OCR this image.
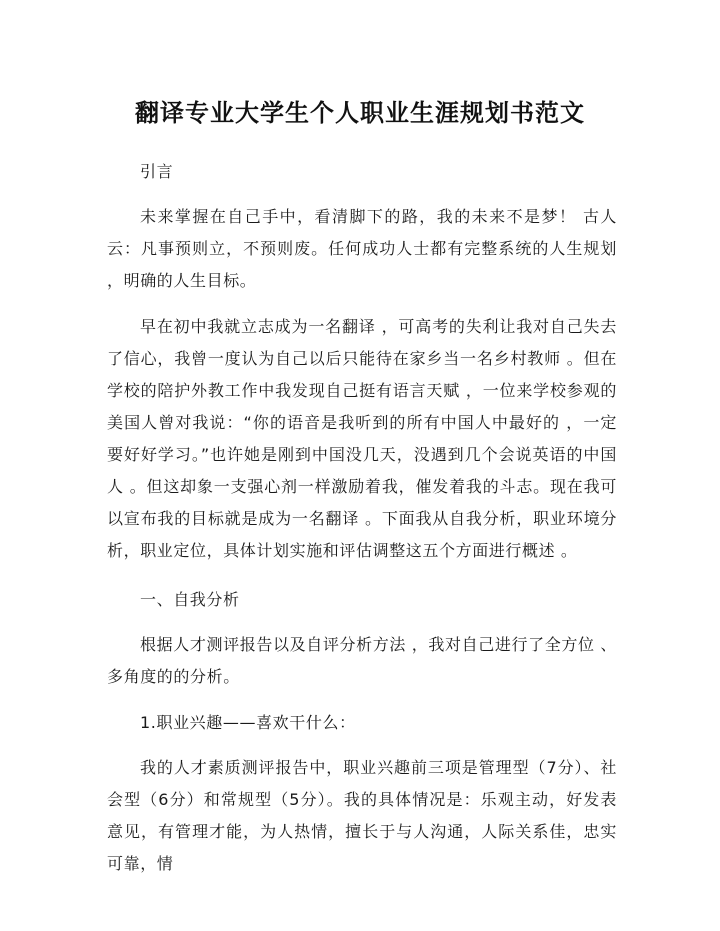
翻译专业大学生个人职业生涯规划书范文
引言
未来掌握在自己手中，看清脚下的路，我的未来不是梦！ 古人云：凡事预则立，不预则废。任何成功人士都有完整系统的人生规划 ，明确的人生目标。
早在初中我就立志成为一名翻译 ，可高考的失利让我对自己失去了信心，我曾一度认为自己以后只能待在家乡当一名乡村教师 。但在学校的陪护外教工作中我发现自己挺有语言天赋 ，一位来学校参观的美国人曾对我说：“你的语音是我听到的所有中国人中最好的 ，一定要好好学习。”也许她是刚到中国没几天，没遇到几个会说英语的中国人 。但这却象一支强心剂一样激励着我，催发着我的斗志。现在我可以宣布我的目标就是成为一名翻译 。下面我从自我分析，职业环境分析，职业定位，具体计划实施和评估调整这五个方面进行概述 。
一、自我分析
根据人才测评报告以及自评分析方法 ，我对自己进行了全方位 、多角度的的分析。
1.职业兴趣——喜欢干什么：
我的人才素质测评报告中，职业兴趣前三项是管理型（7分）、社会型（6分）和常规型（5分）。我的具体情况是：乐观主动，好发表意见，有管理才能，为人热情，擅长于与人沟通，人际关系佳，忠实可靠，情
